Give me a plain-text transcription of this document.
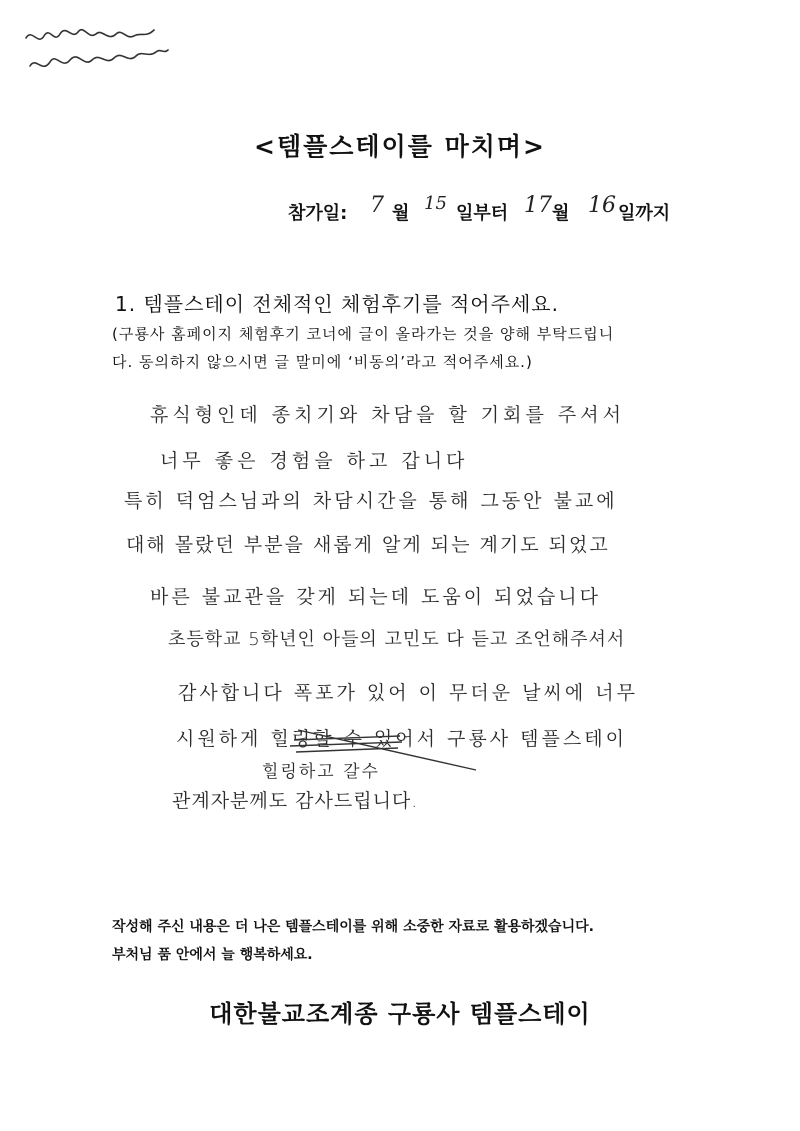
<템플스테이를 마치며>
참가일: 7 월 15 일부터 17 월 16 일까지
1. 템플스테이 전체적인 체험후기를 적어주세요.
(구룡사 홈페이지 체험후기 코너에 글이 올라가는 것을 양해 부탁드립니
다. 동의하지 않으시면 글 말미에 ‘비동의’라고 적어주세요.)
휴식형인데 종치기와 차담을 할 기회를 주셔서
너무 좋은 경험을 하고 갑니다
특히 덕엄스님과의 차담시간을 통해 그동안 불교에
대해 몰랐던 부분을 새롭게 알게 되는 계기도 되었고
바른 불교관을 갖게 되는데 도움이 되었습니다
초등학교 5학년인 아들의 고민도 다 듣고 조언해주셔서
감사합니다 폭포가 있어 이 무더운 날씨에 너무
시원하게 힐링할 수 있어서 구룡사 템플스테이
힐링하고 갈수
관계자분께도 감사드립니다.
작성해 주신 내용은 더 나은 템플스테이를 위해 소중한 자료로 활용하겠습니다.
부처님 품 안에서 늘 행복하세요.
대한불교조계종 구룡사 템플스테이
